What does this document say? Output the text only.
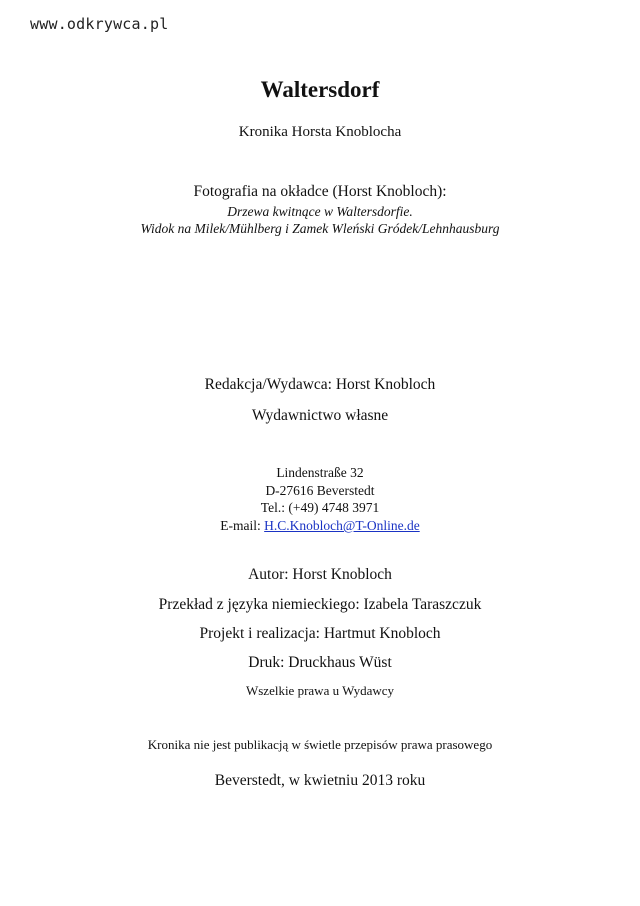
www.odkrywca.pl
Waltersdorf
Kronika Horsta Knoblocha
Fotografia na okładce (Horst Knobloch):
Drzewa kwitnące w Waltersdorfie.
Widok na Milek/Mühlberg i Zamek Wleński Gródek/Lehnhausburg
Redakcja/Wydawca: Horst Knobloch
Wydawnictwo własne
Lindenstraße 32
D-27616 Beverstedt
Tel.: (+49) 4748 3971
E-mail: H.C.Knobloch@T-Online.de
Autor: Horst Knobloch
Przekład z języka niemieckiego: Izabela Taraszczuk
Projekt i realizacja: Hartmut Knobloch
Druk: Druckhaus Wüst
Wszelkie prawa u Wydawcy
Kronika nie jest publikacją w świetle przepisów prawa prasowego
Beverstedt, w kwietniu 2013 roku
